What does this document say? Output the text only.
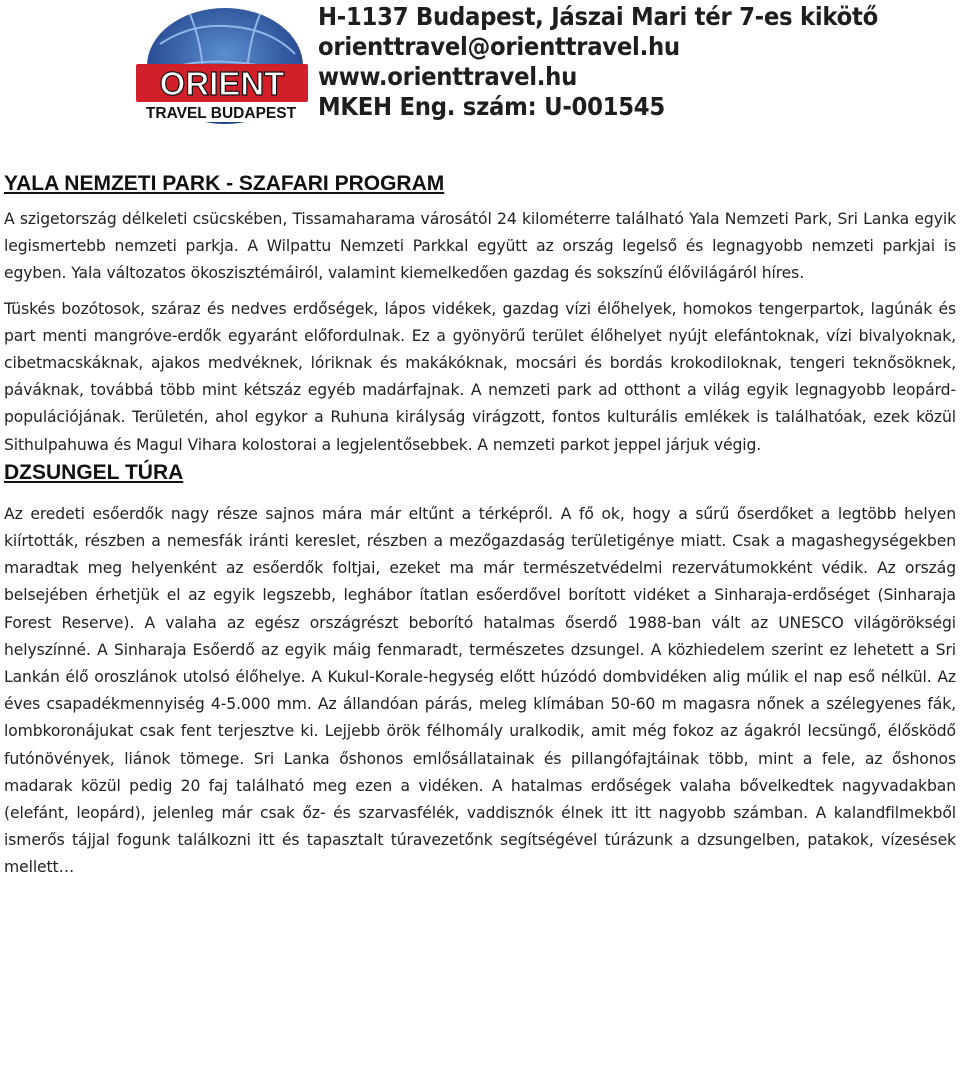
ORIENT
TRAVEL BUDAPEST
H-1137 Budapest, Jászai Mari tér 7-es kikötő
orienttravel@orienttravel.hu
www.orienttravel.hu
MKEH Eng. szám: U-001545
YALA NEMZETI PARK - SZAFARI PROGRAM

A szigetország délkeleti csücskében, Tissamaharama városától 24 kilométerre található Yala Nemzeti Park, Sri Lanka egyik legismertebb nemzeti parkja. A Wilpattu Nemzeti Parkkal együtt az ország legelső és legnagyobb nemzeti parkjai is egyben. Yala változatos ökoszisztémáiról, valamint kiemelkedően gazdag és sokszínű élővilágáról híres.

Tüskés bozótosok, száraz és nedves erdőségek, lápos vidékek, gazdag vízi élőhelyek, homokos tengerpartok, lagúnák és part menti mangróve-erdők egyaránt előfordulnak. Ez a gyönyörű terület élőhelyet nyújt elefántoknak, vízi bivalyoknak, cibetmacskáknak, ajakos medvéknek, lóriknak és makákóknak, mocsári és bordás krokodiloknak, tengeri teknősöknek, páváknak, továbbá több mint kétszáz egyéb madárfajnak. A nemzeti park ad otthont a világ egyik legnagyobb leopárd-populációjának. Területén, ahol egykor a Ruhuna királyság virágzott, fontos kulturális emlékek is találhatóak, ezek közül Sithulpahuwa és Magul Vihara kolostorai a legjelentősebbek. A nemzeti parkot jeppel járjuk végig.

DZSUNGEL TÚRA

Az eredeti esőerdők nagy része sajnos mára már eltűnt a térképről. A fő ok, hogy a sűrű őserdőket a legtöbb helyen kiírtották, részben a nemesfák iránti kereslet, részben a mezőgazdaság területigénye miatt. Csak a magashegységekben maradtak meg helyenként az esőerdők foltjai, ezeket ma már természetvédelmi rezervátumokként védik. Az ország belsejében érhetjük el az egyik legszebb, leghábor ítatlan esőerdővel borított vidéket a Sinharaja-erdőséget (Sinharaja Forest Reserve). A valaha az egész országrészt beborító hatalmas őserdő 1988-ban vált az UNESCO világörökségi helyszínné. A Sinharaja Esőerdő az egyik máig fenmaradt, természetes dzsungel. A közhiedelem szerint ez lehetett a Sri Lankán élő oroszlánok utolsó élőhelye. A Kukul-Korale-hegység előtt húzódó dombvidéken alig múlik el nap eső nélkül. Az éves csapadékmennyiség 4-5.000 mm. Az állandóan párás, meleg klímában 50-60 m magasra nőnek a szélegyenes fák, lombkoronájukat csak fent terjesztve ki. Lejjebb örök félhomály uralkodik, amit még fokoz az ágakról lecsüngő, élősködő futónövények, liánok tömege. Sri Lanka őshonos emlősállatainak és pillangófajtáinak több, mint a fele, az őshonos madarak közül pedig 20 faj található meg ezen a vidéken. A hatalmas erdőségek valaha bővelkedtek nagyvadakban (elefánt, leopárd), jelenleg már csak őz- és szarvasfélék, vaddisznók élnek itt itt nagyobb számban. A kalandfilmekből ismerős tájjal fogunk találkozni itt és tapasztalt túravezetőnk segítségével túrázunk a dzsungelben, patakok, vízesések mellett…
